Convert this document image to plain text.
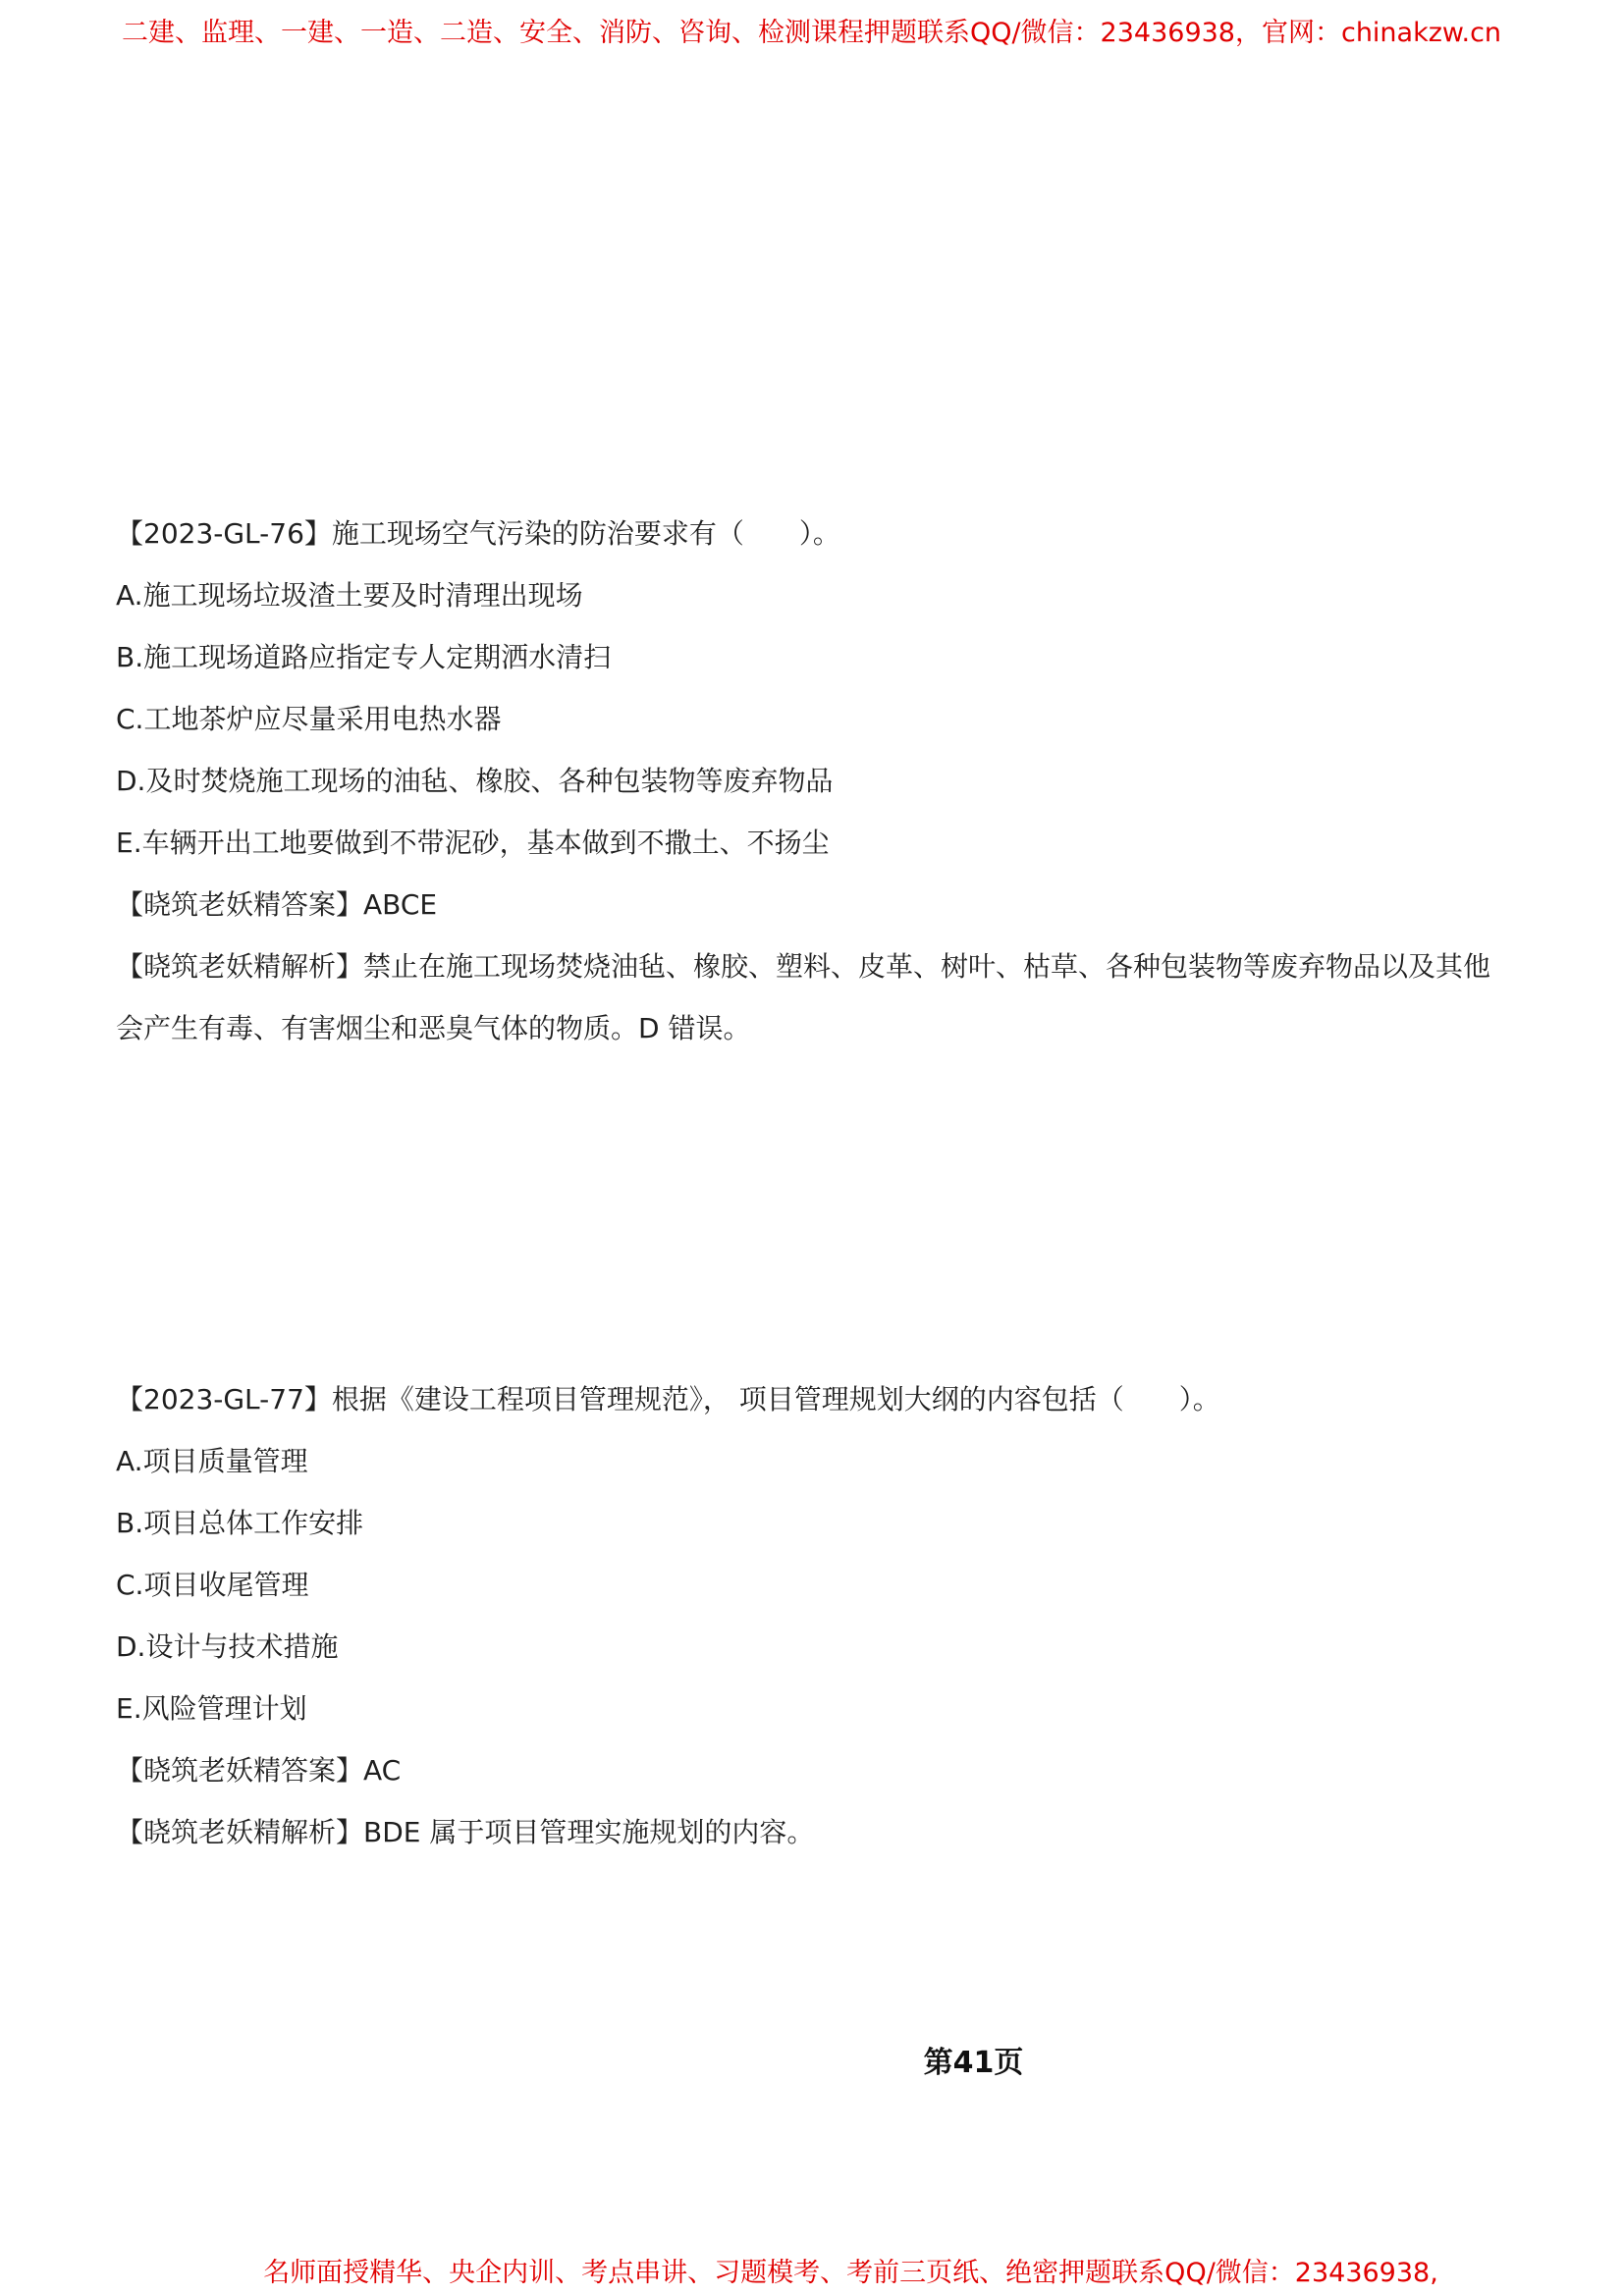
二建、监理、一建、一造、二造、安全、消防、咨询、检测课程押题联系QQ/微信：23436938，官网：chinakzw.cn
【2023-GL-76】施工现场空气污染的防治要求有（　　）。
A.施工现场垃圾渣土要及时清理出现场
B.施工现场道路应指定专人定期洒水清扫
C.工地茶炉应尽量采用电热水器
D.及时焚烧施工现场的油毡、橡胶、各种包装物等废弃物品
E.车辆开出工地要做到不带泥砂，基本做到不撒土、不扬尘
【晓筑老妖精答案】ABCE
【晓筑老妖精解析】禁止在施工现场焚烧油毡、橡胶、塑料、皮革、树叶、枯草、各种包装物等废弃物品以及其他会产生有毒、有害烟尘和恶臭气体的物质。D 错误。
【2023-GL-77】根据《建设工程项目管理规范》， 项目管理规划大纲的内容包括（　　）。
A.项目质量管理
B.项目总体工作安排
C.项目收尾管理
D.设计与技术措施
E.风险管理计划
【晓筑老妖精答案】AC
【晓筑老妖精解析】BDE 属于项目管理实施规划的内容。
第41页
名师面授精华、央企内训、考点串讲、习题模考、考前三页纸、绝密押题联系QQ/微信：23436938,
